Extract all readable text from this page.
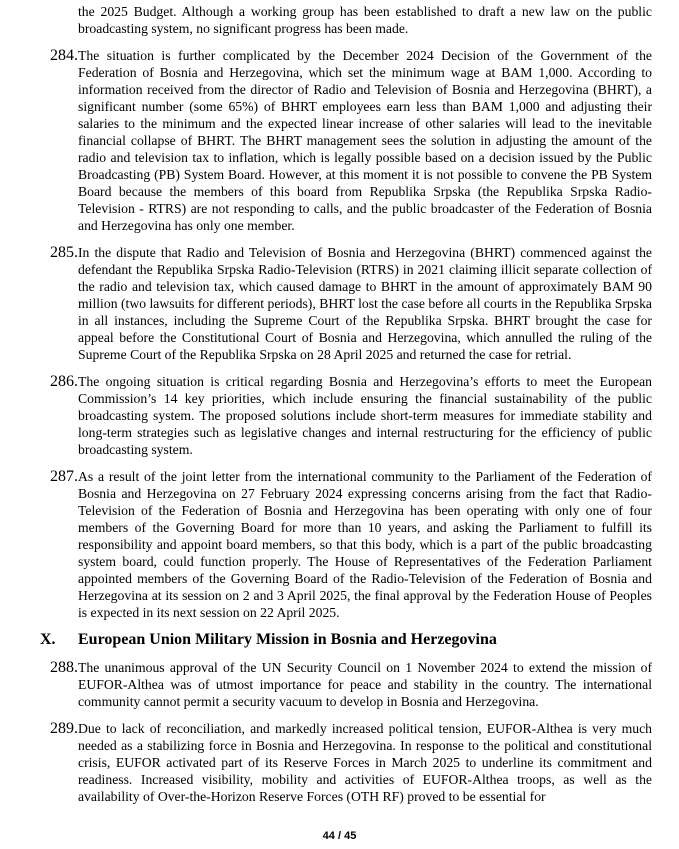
the 2025 Budget. Although a working group has been established to draft a new law on the public broadcasting system, no significant progress has been made.

284. The situation is further complicated by the December 2024 Decision of the Government of the Federation of Bosnia and Herzegovina, which set the minimum wage at BAM 1,000. According to information received from the director of Radio and Television of Bosnia and Herzegovina (BHRT), a significant number (some 65%) of BHRT employees earn less than BAM 1,000 and adjusting their salaries to the minimum and the expected linear increase of other salaries will lead to the inevitable financial collapse of BHRT. The BHRT management sees the solution in adjusting the amount of the radio and television tax to inflation, which is legally possible based on a decision issued by the Public Broadcasting (PB) System Board. However, at this moment it is not possible to convene the PB System Board because the members of this board from Republika Srpska (the Republika Srpska Radio-Television - RTRS) are not responding to calls, and the public broadcaster of the Federation of Bosnia and Herzegovina has only one member.

285. In the dispute that Radio and Television of Bosnia and Herzegovina (BHRT) commenced against the defendant the Republika Srpska Radio-Television (RTRS) in 2021 claiming illicit separate collection of the radio and television tax, which caused damage to BHRT in the amount of approximately BAM 90 million (two lawsuits for different periods), BHRT lost the case before all courts in the Republika Srpska in all instances, including the Supreme Court of the Republika Srpska. BHRT brought the case for appeal before the Constitutional Court of Bosnia and Herzegovina, which annulled the ruling of the Supreme Court of the Republika Srpska on 28 April 2025 and returned the case for retrial.

286. The ongoing situation is critical regarding Bosnia and Herzegovina’s efforts to meet the European Commission’s 14 key priorities, which include ensuring the financial sustainability of the public broadcasting system. The proposed solutions include short-term measures for immediate stability and long-term strategies such as legislative changes and internal restructuring for the efficiency of public broadcasting system.

287. As a result of the joint letter from the international community to the Parliament of the Federation of Bosnia and Herzegovina on 27 February 2024 expressing concerns arising from the fact that Radio-Television of the Federation of Bosnia and Herzegovina has been operating with only one of four members of the Governing Board for more than 10 years, and asking the Parliament to fulfill its responsibility and appoint board members, so that this body, which is a part of the public broadcasting system board, could function properly. The House of Representatives of the Federation Parliament appointed members of the Governing Board of the Radio-Television of the Federation of Bosnia and Herzegovina at its session on 2 and 3 April 2025, the final approval by the Federation House of Peoples is expected in its next session on 22 April 2025.

X. European Union Military Mission in Bosnia and Herzegovina
288. The unanimous approval of the UN Security Council on 1 November 2024 to extend the mission of EUFOR-Althea was of utmost importance for peace and stability in the country. The international community cannot permit a security vacuum to develop in Bosnia and Herzegovina.

289. Due to lack of reconciliation, and markedly increased political tension, EUFOR-Althea is very much needed as a stabilizing force in Bosnia and Herzegovina. In response to the political and constitutional crisis, EUFOR activated part of its Reserve Forces in March 2025 to underline its commitment and readiness. Increased visibility, mobility and activities of EUFOR-Althea troops, as well as the availability of Over-the-Horizon Reserve Forces (OTH RF) proved to be essential for

44 / 45
